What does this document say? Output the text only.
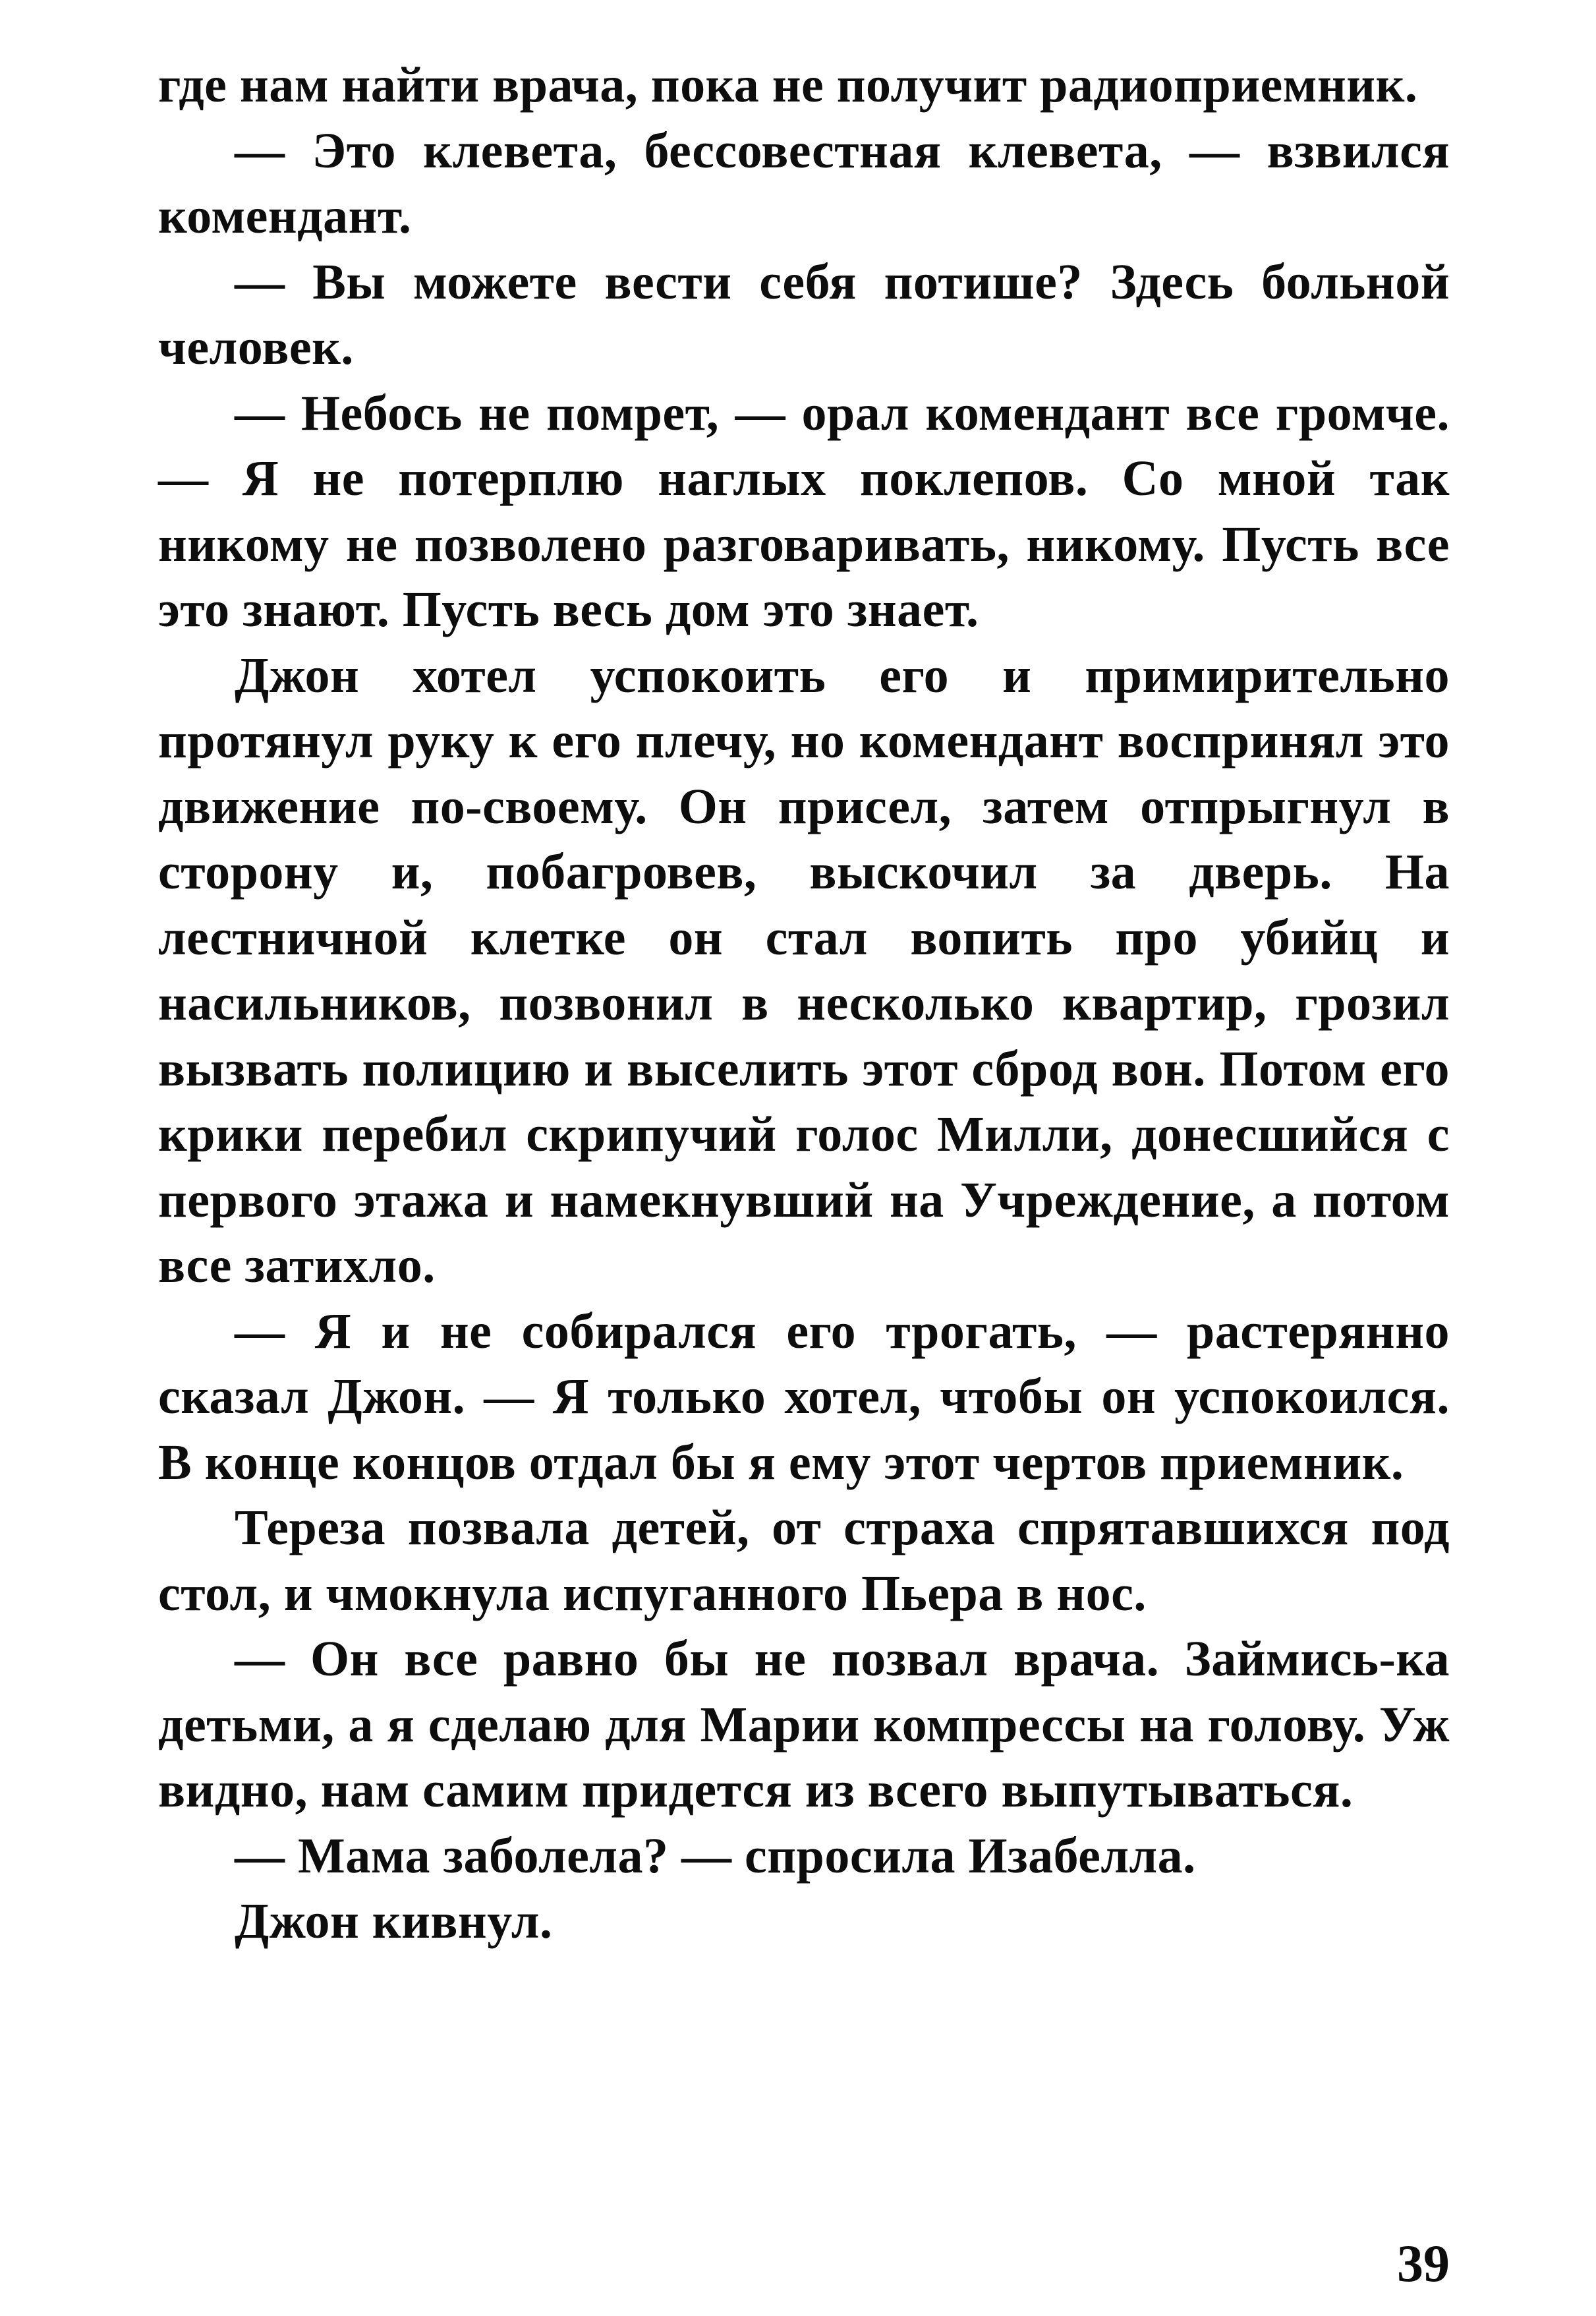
где нам найти врача, пока не получит радиоприемник.

— Это клевета, бессовестная клевета, — взвился комендант.

— Вы можете вести себя потише? Здесь больной человек.

— Небось не помрет, — орал комендант все громче. — Я не потерплю наглых поклепов. Со мной так никому не позволено разговаривать, никому. Пусть все это знают. Пусть весь дом это знает.

Джон хотел успокоить его и примирительно протянул руку к его плечу, но комендант воспринял это движение по-своему. Он присел, затем отпрыгнул в сторону и, побагровев, выскочил за дверь. На лестничной клетке он стал вопить про убийц и насильников, позвонил в несколько квартир, грозил вызвать полицию и выселить этот сброд вон. Потом его крики перебил скрипучий голос Милли, донесшийся с первого этажа и намекнувший на Учреждение, а потом все затихло.

— Я и не собирался его трогать, — растерянно сказал Джон. — Я только хотел, чтобы он успокоился. В конце концов отдал бы я ему этот чертов приемник.

Тереза позвала детей, от страха спрятавшихся под стол, и чмокнула испуганного Пьера в нос.

— Он все равно бы не позвал врача. Займись-ка детьми, а я сделаю для Марии компрессы на голову. Уж видно, нам самим придется из всего выпутываться.

— Мама заболела? — спросила Изабелла.

Джон кивнул.

39
